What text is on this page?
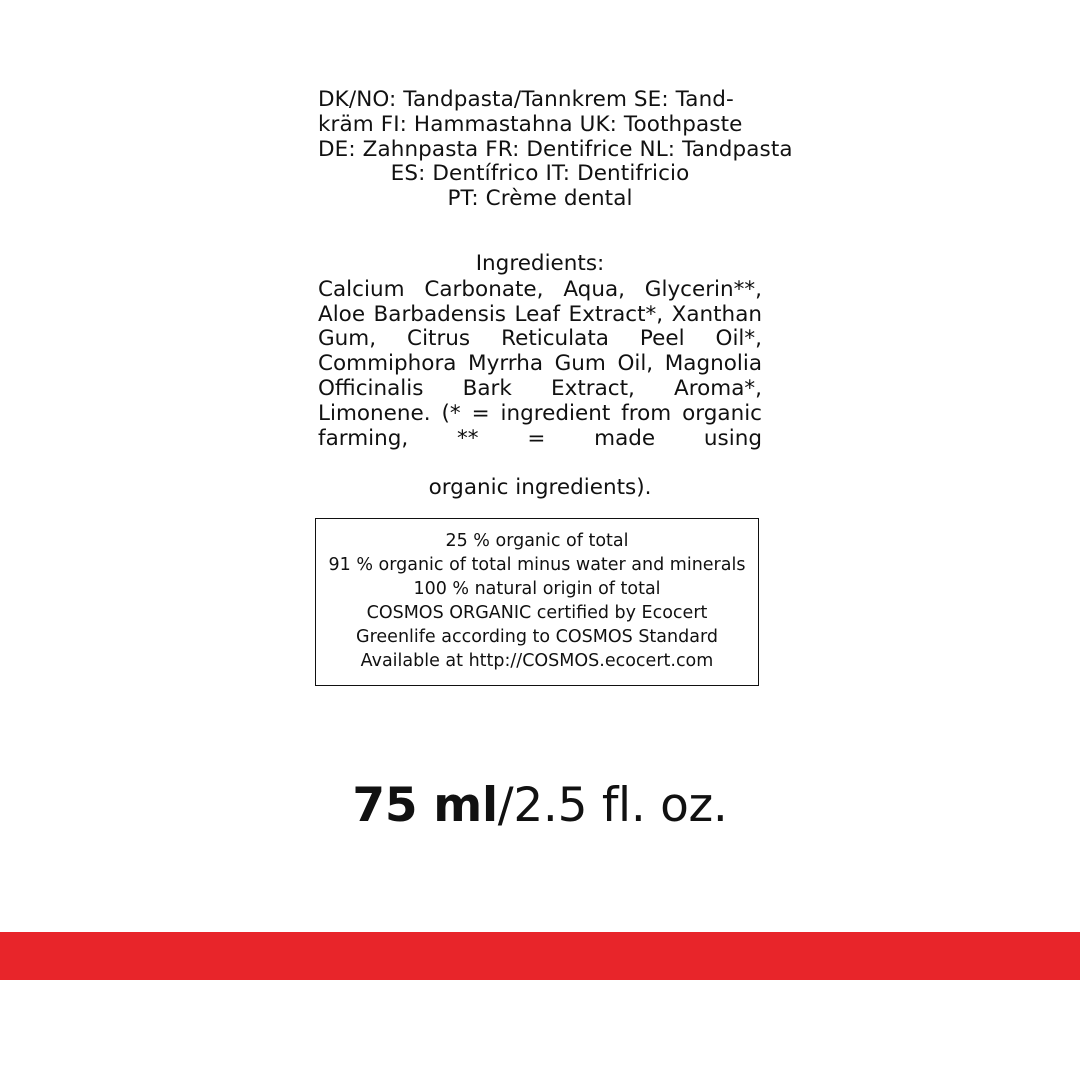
DK/NO: Tandpasta/Tannkrem SE: Tand-
kräm FI: Hammastahna UK: Toothpaste
DE: Zahnpasta FR: Dentifrice NL: Tandpasta
ES: Dentífrico IT: Dentifricio
PT: Crème dental
Ingredients:
Calcium Carbonate, Aqua, Glycerin**, Aloe Barbadensis Leaf Extract*, Xanthan Gum, Citrus Reticulata Peel Oil*, Commiphora Myrrha Gum Oil, Magnolia Officinalis Bark Extract, Aroma*, Limonene. (* = ingredient from organic farming, ** = made using
organic ingredients).
25 % organic of total
91 % organic of total minus water and minerals
100 % natural origin of total
COSMOS ORGANIC certified by Ecocert
Greenlife according to COSMOS Standard
Available at http://COSMOS.ecocert.com
75 ml/2.5 fl. oz.
